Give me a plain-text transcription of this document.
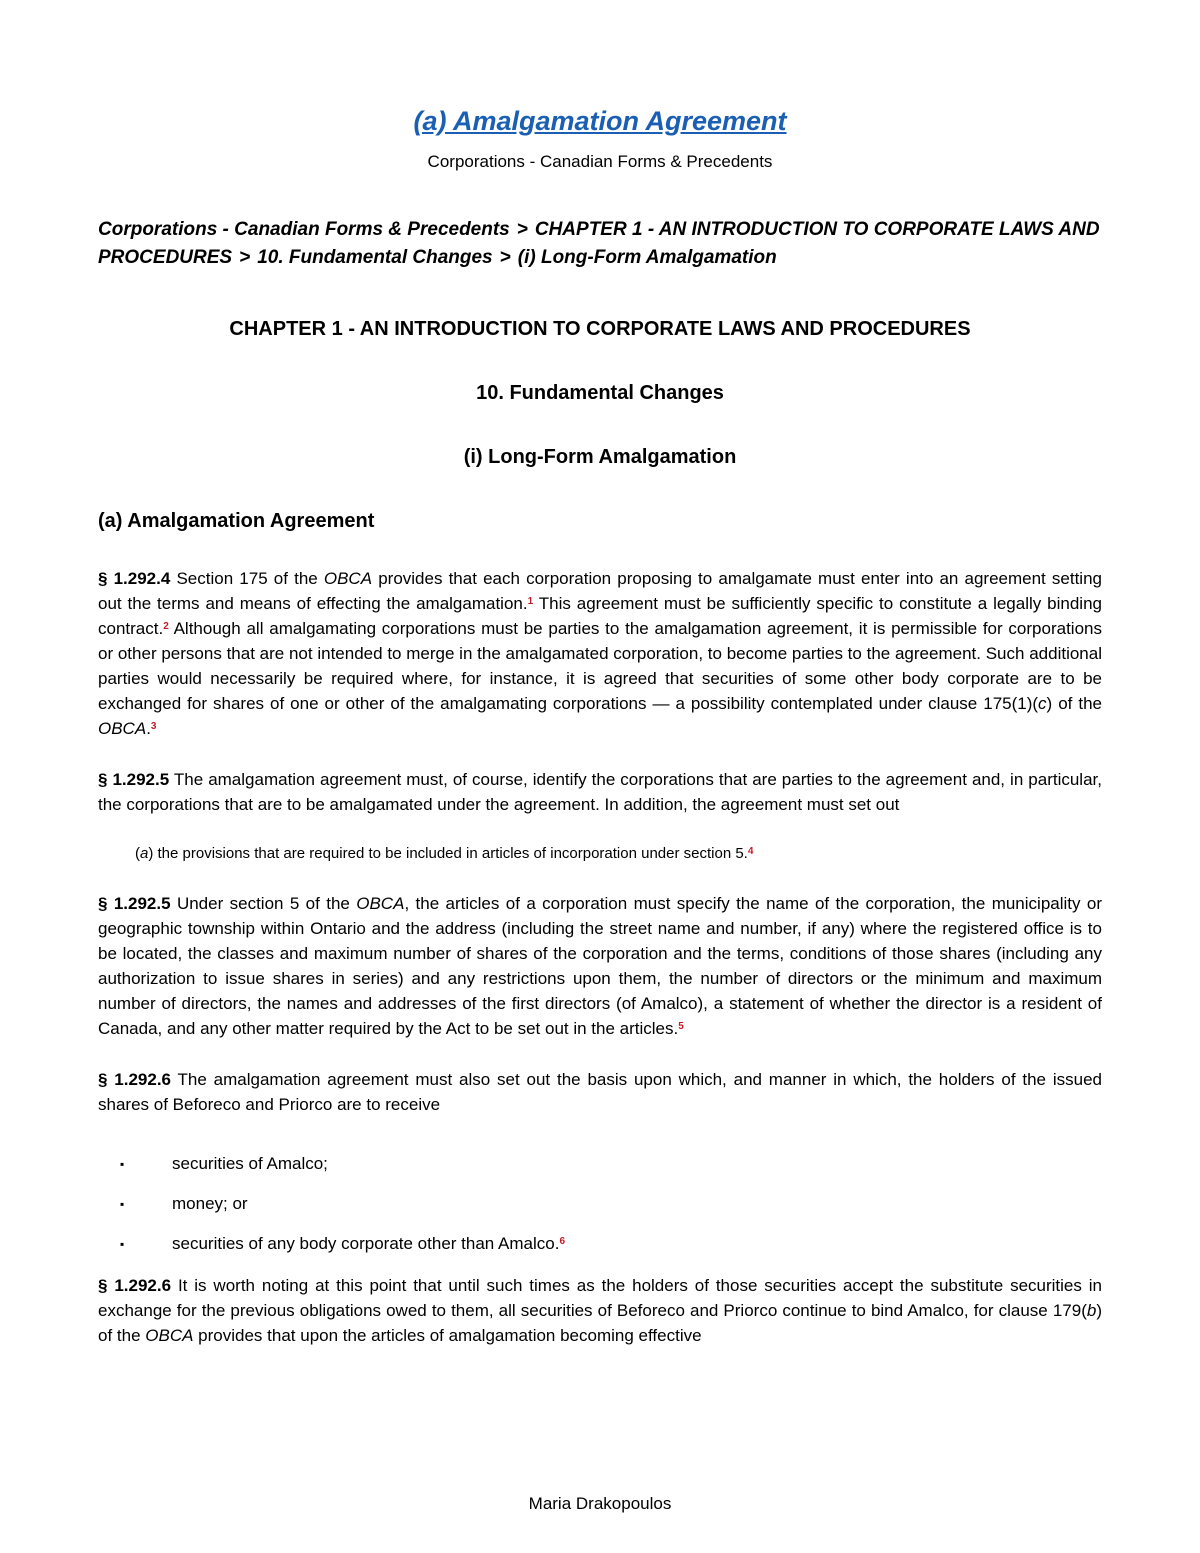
(a) Amalgamation Agreement
Corporations - Canadian Forms & Precedents
Corporations - Canadian Forms & Precedents > CHAPTER 1 - AN INTRODUCTION TO CORPORATE LAWS AND PROCEDURES > 10. Fundamental Changes > (i) Long-Form Amalgamation
CHAPTER 1 - AN INTRODUCTION TO CORPORATE LAWS AND PROCEDURES
10. Fundamental Changes
(i) Long-Form Amalgamation
(a) Amalgamation Agreement

§ 1.292.4 Section 175 of the OBCA provides that each corporation proposing to amalgamate must enter into an agreement setting out the terms and means of effecting the amalgamation.$^1$ This agreement must be sufficiently specific to constitute a legally binding contract.$^2$ Although all amalgamating corporations must be parties to the amalgamation agreement, it is permissible for corporations or other persons that are not intended to merge in the amalgamated corporation, to become parties to the agreement. Such additional parties would necessarily be required where, for instance, it is agreed that securities of some other body corporate are to be exchanged for shares of one or other of the amalgamating corporations — a possibility contemplated under clause 175(1)(c) of the OBCA.$^3$

§ 1.292.5 The amalgamation agreement must, of course, identify the corporations that are parties to the agreement and, in particular, the corporations that are to be amalgamated under the agreement. In addition, the agreement must set out

(a) the provisions that are required to be included in articles of incorporation under section 5.$^4$

§ 1.292.5 Under section 5 of the OBCA, the articles of a corporation must specify the name of the corporation, the municipality or geographic township within Ontario and the address (including the street name and number, if any) where the registered office is to be located, the classes and maximum number of shares of the corporation and the terms, conditions of those shares (including any authorization to issue shares in series) and any restrictions upon them, the number of directors or the minimum and maximum number of directors, the names and addresses of the first directors (of Amalco), a statement of whether the director is a resident of Canada, and any other matter required by the Act to be set out in the articles.$^5$

§ 1.292.6 The amalgamation agreement must also set out the basis upon which, and manner in which, the holders of the issued shares of Beforeco and Priorco are to receive

▪	securities of Amalco;
▪	money; or
▪	securities of any body corporate other than Amalco.$^6$

§ 1.292.6 It is worth noting at this point that until such times as the holders of those securities accept the substitute securities in exchange for the previous obligations owed to them, all securities of Beforeco and Priorco continue to bind Amalco, for clause 179(b) of the OBCA provides that upon the articles of amalgamation becoming effective

Maria Drakopoulos
